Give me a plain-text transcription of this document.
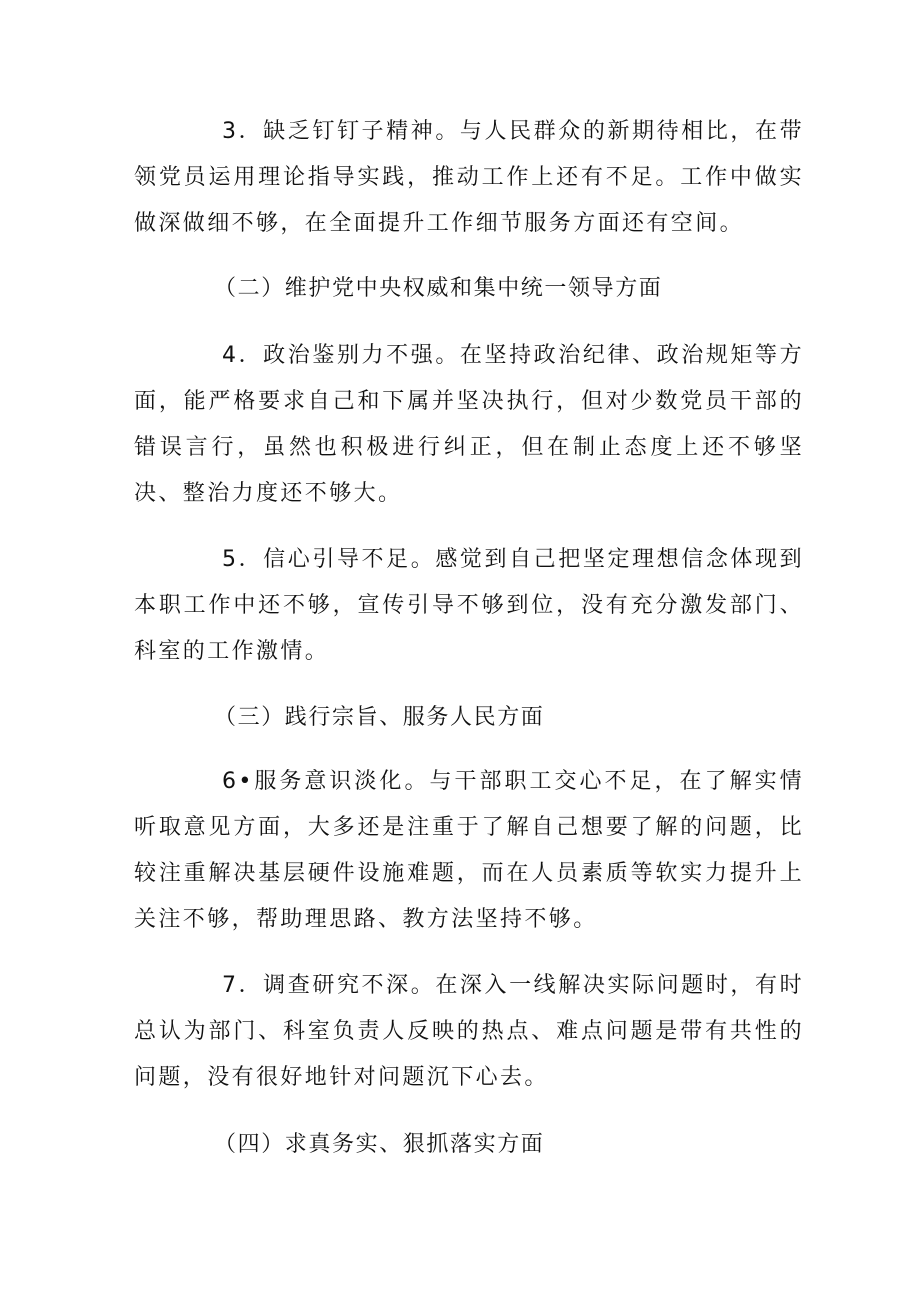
3．缺乏钉钉子精神。与人民群众的新期待相比，在带领党员运用理论指导实践，推动工作上还有不足。工作中做实做深做细不够，在全面提升工作细节服务方面还有空间。

（二）维护党中央权威和集中统一领导方面

4．政治鉴别力不强。在坚持政治纪律、政治规矩等方面，能严格要求自己和下属并坚决执行，但对少数党员干部的错误言行，虽然也积极进行纠正，但在制止态度上还不够坚决、整治力度还不够大。

5．信心引导不足。感觉到自己把坚定理想信念体现到本职工作中还不够，宣传引导不够到位，没有充分激发部门、科室的工作激情。

（三）践行宗旨、服务人民方面

6•服务意识淡化。与干部职工交心不足，在了解实情听取意见方面，大多还是注重于了解自己想要了解的问题，比较注重解决基层硬件设施难题，而在人员素质等软实力提升上关注不够，帮助理思路、教方法坚持不够。

7．调查研究不深。在深入一线解决实际问题时，有时总认为部门、科室负责人反映的热点、难点问题是带有共性的问题，没有很好地针对问题沉下心去。

（四）求真务实、狠抓落实方面
